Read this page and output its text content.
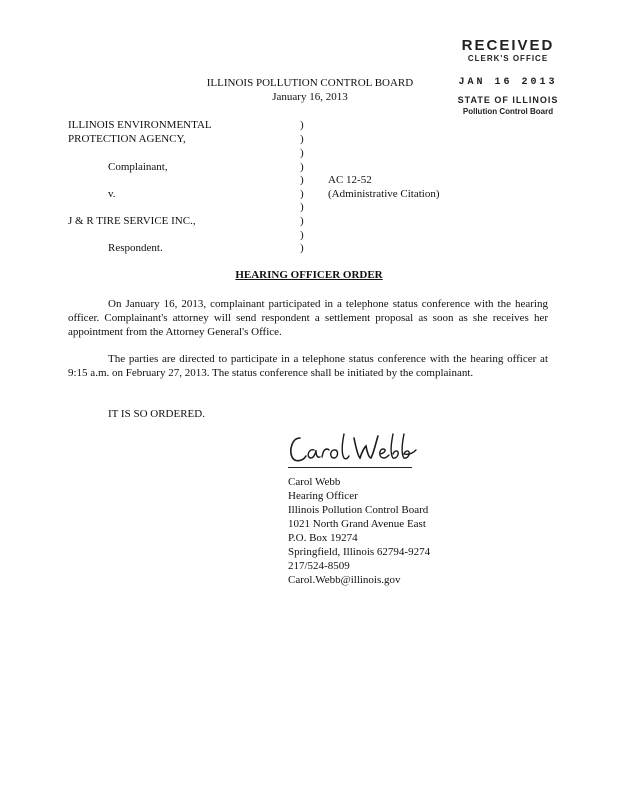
RECEIVED
CLERK'S OFFICE
JAN 16 2013
STATE OF ILLINOIS
Pollution Control Board
ILLINOIS POLLUTION CONTROL BOARD
January 16, 2013
ILLINOIS ENVIRONMENTAL
PROTECTION AGENCY,
Complainant,
v.
J & R TIRE SERVICE INC.,
Respondent.
)
)
)
)
)
)
)
)
)
)
AC 12-52
(Administrative Citation)
HEARING OFFICER ORDER
On January 16, 2013, complainant participated in a telephone status conference with the hearing officer. Complainant's attorney will send respondent a settlement proposal as soon as she receives her appointment from the Attorney General's Office.
The parties are directed to participate in a telephone status conference with the hearing officer at 9:15 a.m. on February 27, 2013. The status conference shall be initiated by the complainant.
IT IS SO ORDERED.
Carol Webb
Hearing Officer
Illinois Pollution Control Board
1021 North Grand Avenue East
P.O. Box 19274
Springfield, Illinois 62794-9274
217/524-8509
Carol.Webb@illinois.gov
